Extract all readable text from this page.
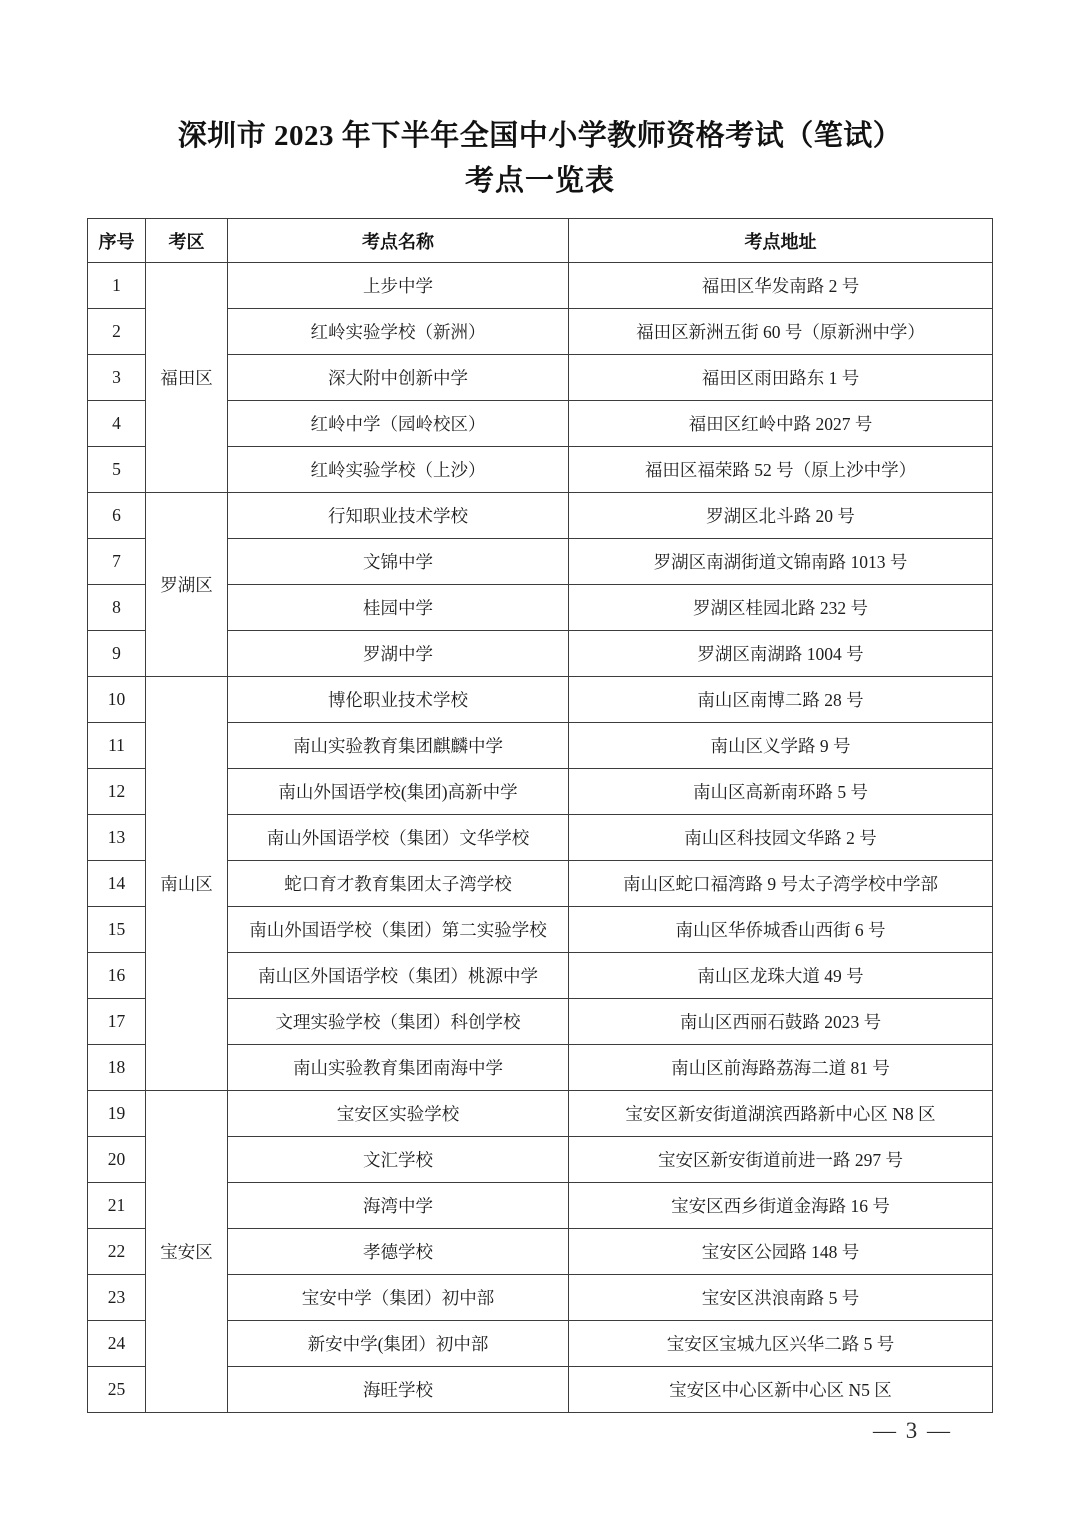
深圳市 2023 年下半年全国中小学教师资格考试（笔试）
考点一览表
序号	考区	考点名称	考点地址
1	福田区	上步中学	福田区华发南路 2 号
2		红岭实验学校（新洲）	福田区新洲五街 60 号（原新洲中学）
3		深大附中创新中学	福田区雨田路东 1 号
4		红岭中学（园岭校区）	福田区红岭中路 2027 号
5		红岭实验学校（上沙）	福田区福荣路 52 号（原上沙中学）
6	罗湖区	行知职业技术学校	罗湖区北斗路 20 号
7		文锦中学	罗湖区南湖街道文锦南路 1013 号
8		桂园中学	罗湖区桂园北路 232 号
9		罗湖中学	罗湖区南湖路 1004 号
10	南山区	博伦职业技术学校	南山区南博二路 28 号
11		南山实验教育集团麒麟中学	南山区义学路 9 号
12		南山外国语学校(集团)高新中学	南山区高新南环路 5 号
13		南山外国语学校（集团）文华学校	南山区科技园文华路 2 号
14		蛇口育才教育集团太子湾学校	南山区蛇口福湾路 9 号太子湾学校中学部
15		南山外国语学校（集团）第二实验学校	南山区华侨城香山西街 6 号
16		南山区外国语学校（集团）桃源中学	南山区龙珠大道 49 号
17		文理实验学校（集团）科创学校	南山区西丽石鼓路 2023 号
18		南山实验教育集团南海中学	南山区前海路荔海二道 81 号
19	宝安区	宝安区实验学校	宝安区新安街道湖滨西路新中心区 N8 区
20		文汇学校	宝安区新安街道前进一路 297 号
21		海湾中学	宝安区西乡街道金海路 16 号
22		孝德学校	宝安区公园路 148 号
23		宝安中学（集团）初中部	宝安区洪浪南路 5 号
24		新安中学(集团）初中部	宝安区宝城九区兴华二路 5 号
25		海旺学校	宝安区中心区新中心区 N5 区
— 3 —
